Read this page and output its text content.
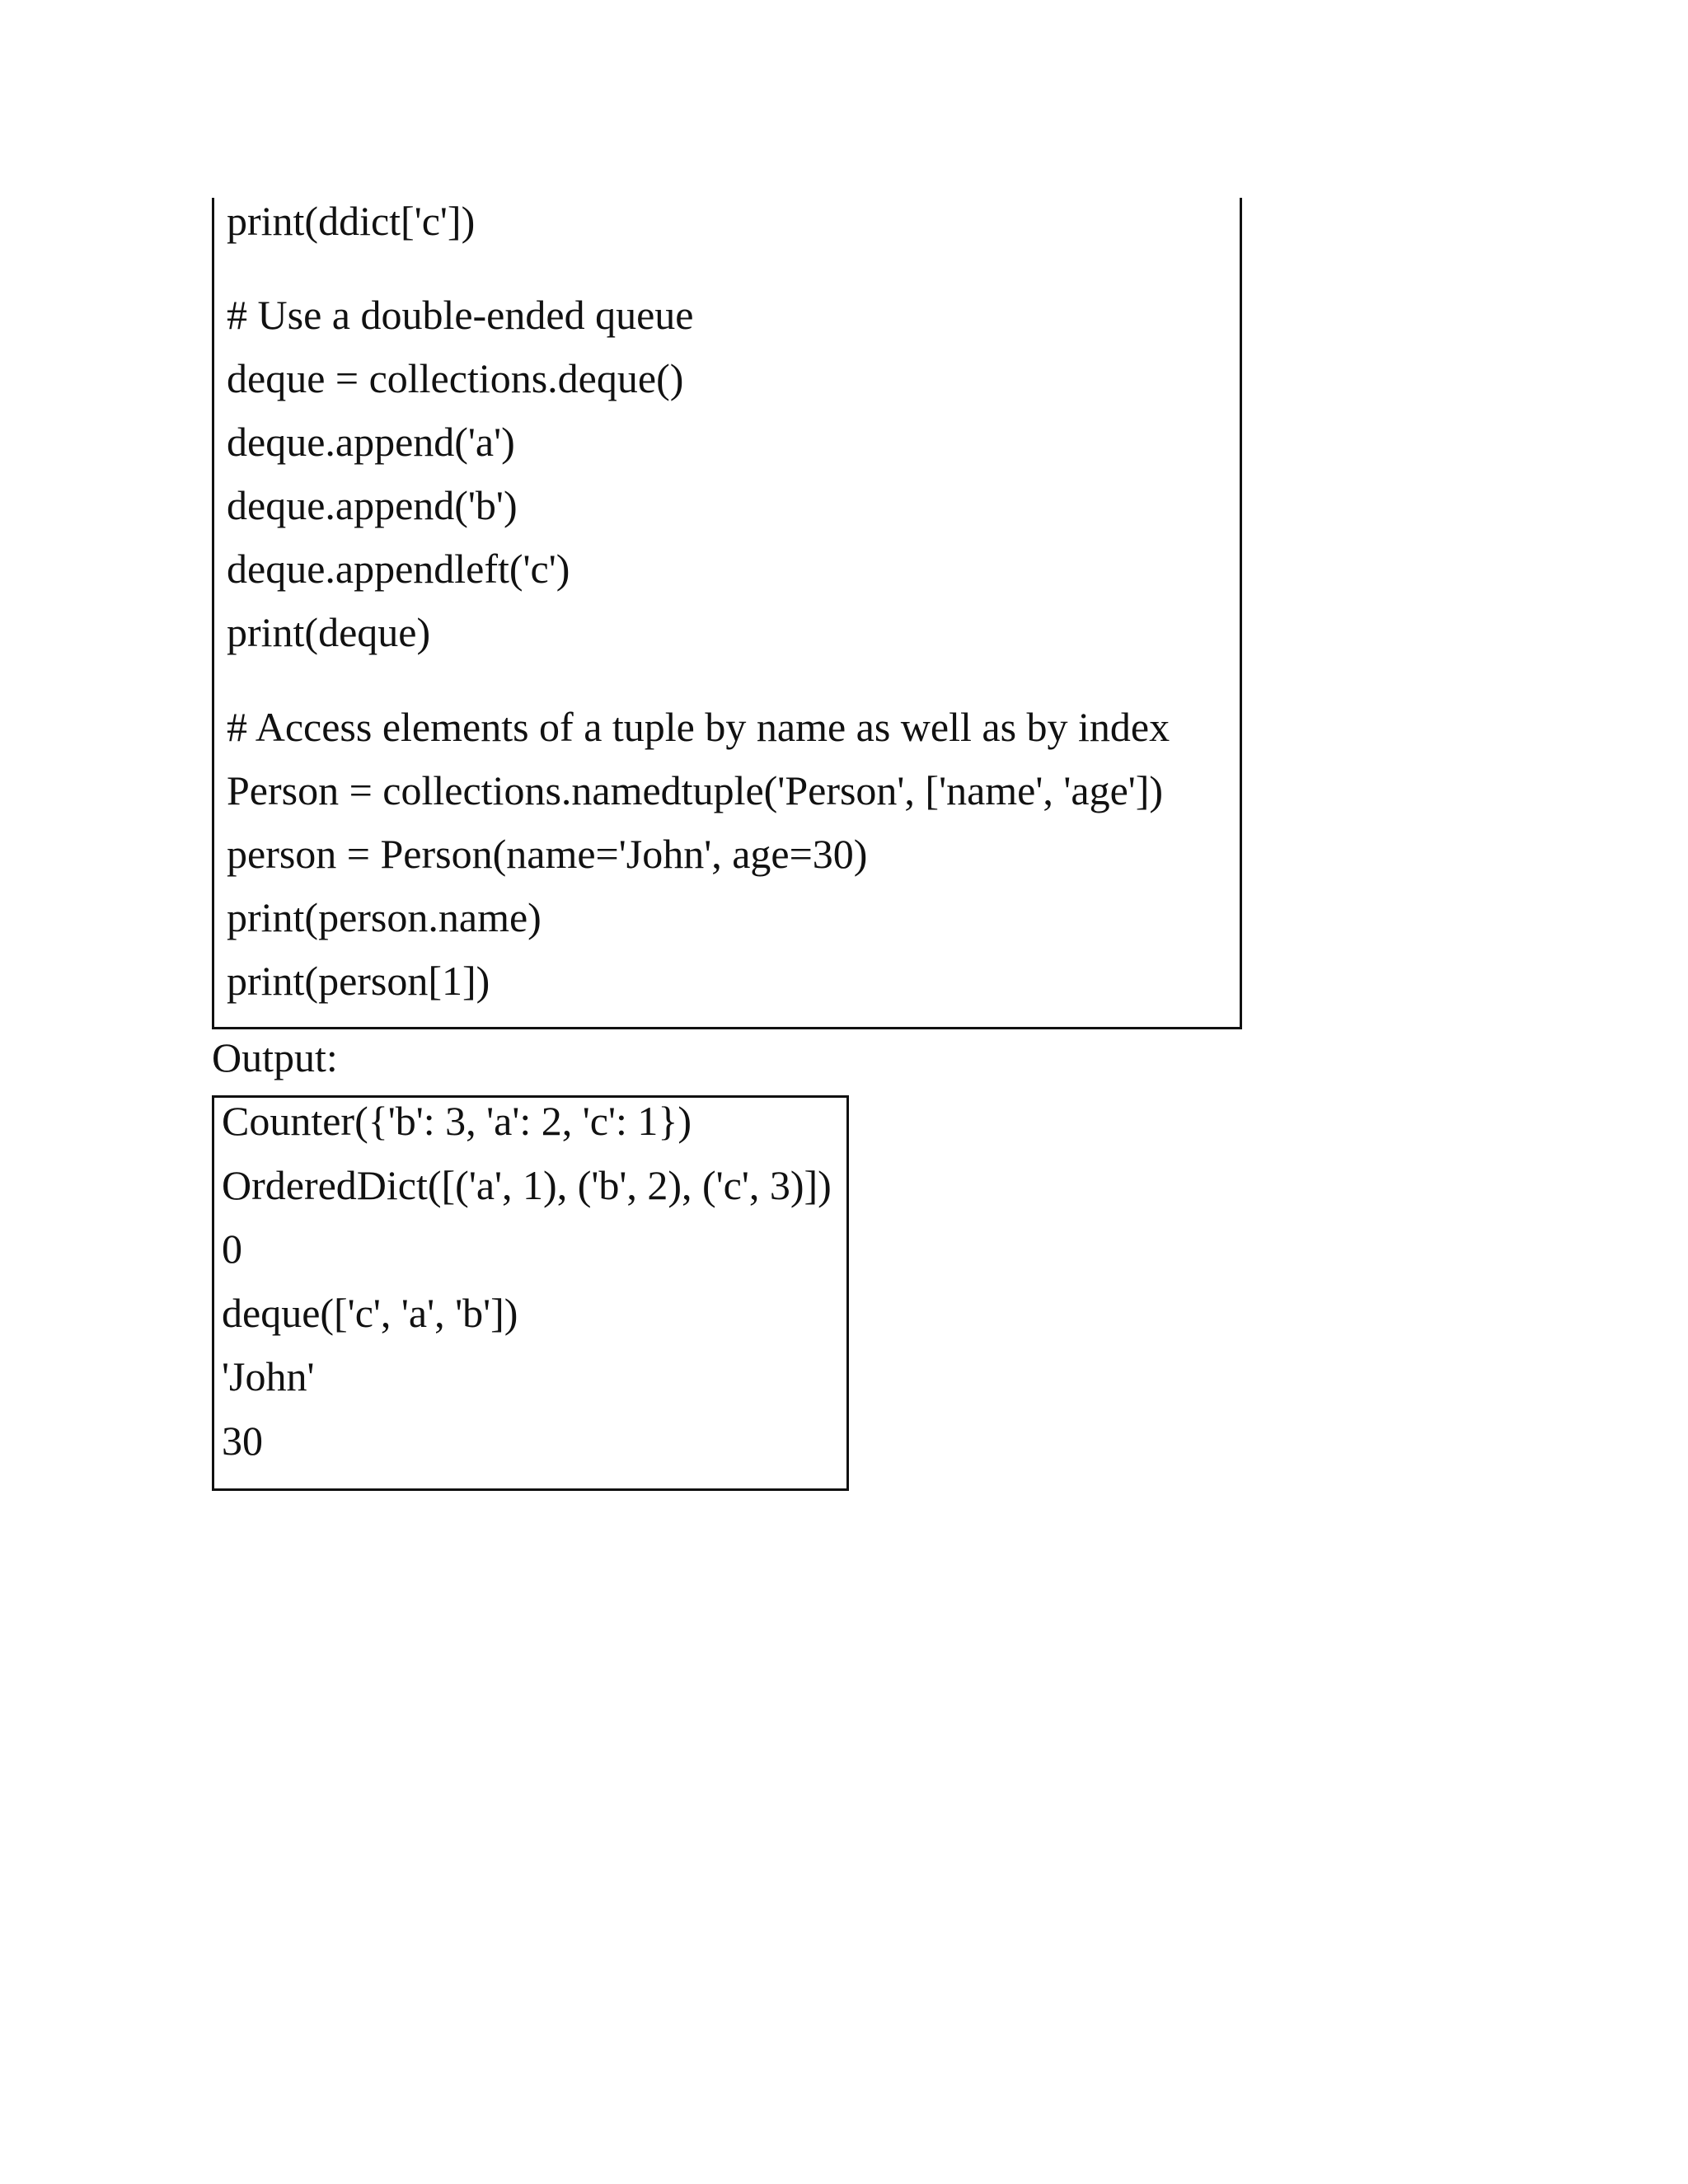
print(ddict['c'])
# Use a double-ended queue
deque = collections.deque()
deque.append('a')
deque.append('b')
deque.appendleft('c')
print(deque)
# Access elements of a tuple by name as well as by index
Person = collections.namedtuple('Person', ['name', 'age'])
person = Person(name='John', age=30)
print(person.name)
print(person[1])
Output:
Counter({'b': 3, 'a': 2, 'c': 1})
OrderedDict([('a', 1), ('b', 2), ('c', 3)])
0
deque(['c', 'a', 'b'])
'John'
30
